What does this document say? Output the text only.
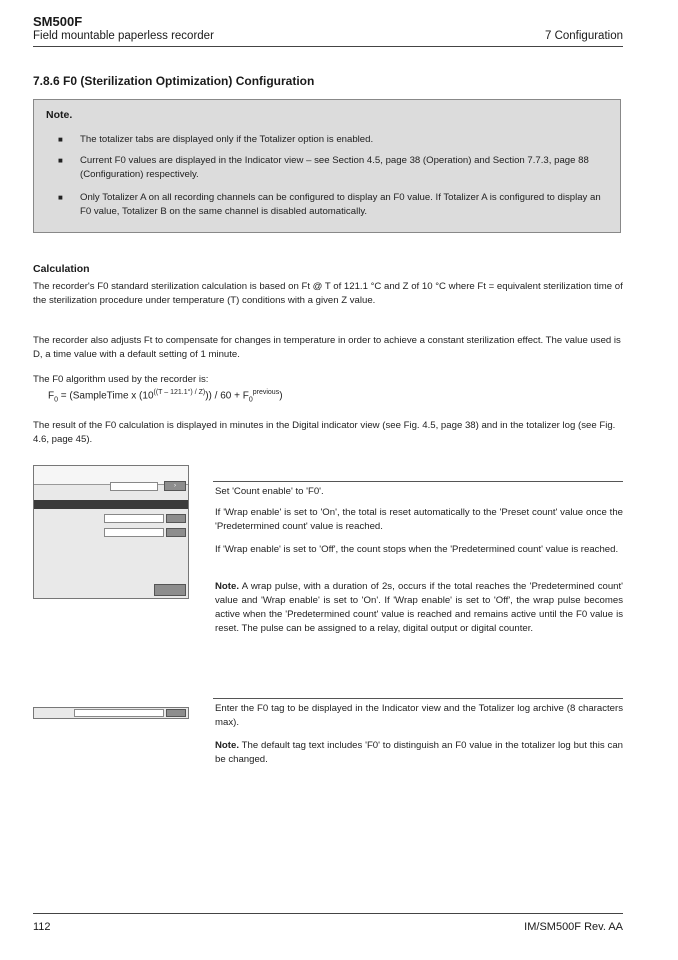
SM500F
Field mountable paperless recorder	7 Configuration
7.8.6 F0 (Sterilization Optimization) Configuration
Note.
■ The totalizer tabs are displayed only if the Totalizer option is enabled.
■ Current F0 values are displayed in the Indicator view – see Section 4.5, page 38 (Operation) and Section 7.7.3, page 88 (Configuration) respectively.
■ Only Totalizer A on all recording channels can be configured to display an F0 value. If Totalizer A is configured to display an F0 value, Totalizer B on the same channel is disabled automatically.
Calculation
The recorder's F0 standard sterilization calculation is based on Ft @ T of 121.1 °C and Z of 10 °C where Ft = equivalent sterilization time of the sterilization procedure under temperature (T) conditions with a given Z value.
The recorder also adjusts Ft to compensate for changes in temperature in order to achieve a constant sterilization effect. The value used is D, a time value with a default setting of 1 minute.
The F0 algorithm used by the recorder is:
$F_0$ = (SampleTime x $(10^{((T - 121.1^\circ) / Z)})) / 60 + F_0^{previous}$)
The result of the F0 calculation is displayed in minutes in the Digital indicator view (see Fig. 4.5, page 38) and in the totalizer log (see Fig. 4.6, page 45).
›	Set 'Count enable' to 'F0'.
If 'Wrap enable' is set to 'On', the total is reset automatically to the 'Preset count' value once the 'Predetermined count' value is reached.
If 'Wrap enable' is set to 'Off', the count stops when the 'Predetermined count' value is reached.
Note. A wrap pulse, with a duration of 2s, occurs if the total reaches the 'Predetermined count' value and 'Wrap enable' is set to 'On'. If 'Wrap enable' is set to 'Off', the wrap pulse becomes active when the 'Predetermined count' value is reached and remains active until the F0 value is reset. The pulse can be assigned to a relay, digital output or digital counter.
Enter the F0 tag to be displayed in the Indicator view and the Totalizer log archive (8 characters max).
Note. The default tag text includes 'F0' to distinguish an F0 value in the totalizer log but this can be changed.
112	IM/SM500F Rev. AA
